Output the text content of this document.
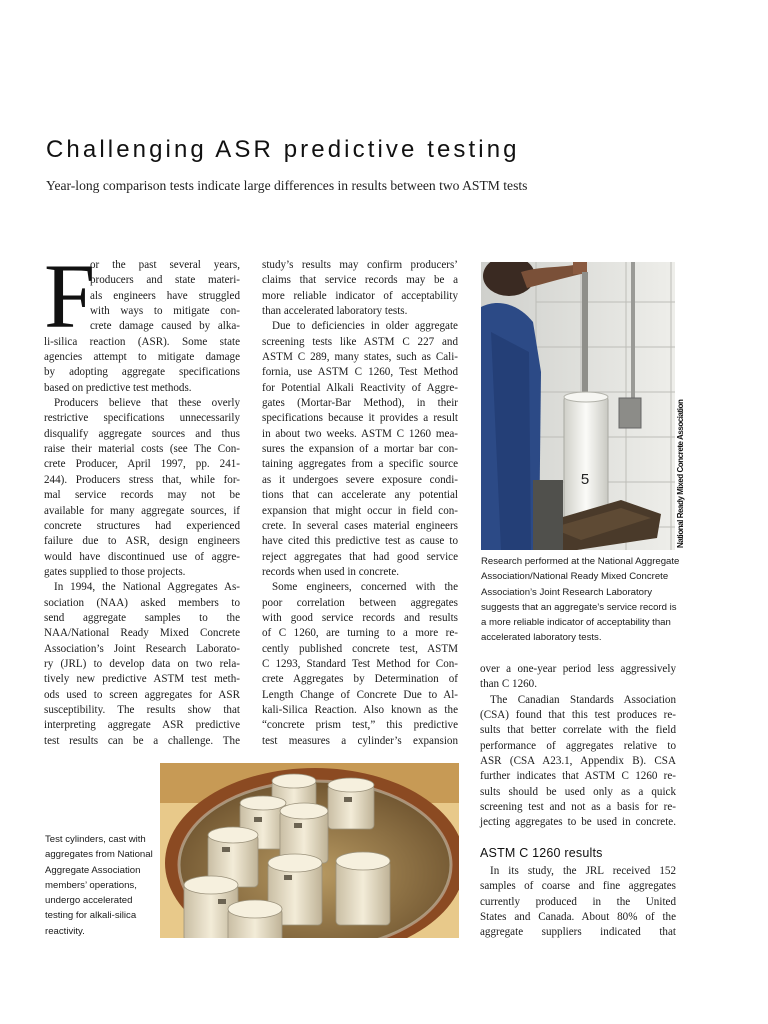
Challenging ASR predictive testing

Year-long comparison tests indicate large differences in results between two ASTM tests

F
or the past several years,
producers and state materi-
als engineers have struggled
with ways to mitigate con-
crete damage caused by alka-
li-silica reaction (ASR). Some state
agencies attempt to mitigate damage
by adopting aggregate specifications
based on predictive test methods.
Producers believe that these overly
restrictive specifications unnecessarily
disqualify aggregate sources and thus
raise their material costs (see The Con-
crete Producer, April 1997, pp. 241-
244). Producers stress that, while for-
mal service records may not be
available for many aggregate sources, if
concrete structures had experienced
failure due to ASR, design engineers
would have discontinued use of aggre-
gates supplied to those projects.
In 1994, the National Aggregates As-
sociation (NAA) asked members to
send aggregate samples to the
NAA/National Ready Mixed Concrete
Association’s Joint Research Laborato-
ry (JRL) to develop data on two rela-
tively new predictive ASTM test meth-
ods used to screen aggregates for ASR
susceptibility. The results show that
interpreting aggregate ASR predictive
test results can be a challenge. The
study’s results may confirm producers’
claims that service records may be a
more reliable indicator of acceptability
than accelerated laboratory tests.
Due to deficiencies in older aggregate
screening tests like ASTM C 227 and
ASTM C 289, many states, such as Cali-
fornia, use ASTM C 1260, Test Method
for Potential Alkali Reactivity of Aggre-
gates (Mortar-Bar Method), in their
specifications because it provides a result
in about two weeks. ASTM C 1260 mea-
sures the expansion of a mortar bar con-
taining aggregates from a specific source
as it undergoes severe exposure condi-
tions that can accelerate any potential
expansion that might occur in field con-
crete. In several cases material engineers
have cited this predictive test as cause to
reject aggregates that had good service
records when used in concrete.
Some engineers, concerned with the
poor correlation between aggregates
with good service records and results
of C 1260, are turning to a more re-
cently published concrete test, ASTM
C 1293, Standard Test Method for Con-
crete Aggregates by Determination of
Length Change of Concrete Due to Al-
kali-Silica Reaction. Also known as the
“concrete prism test,” this predictive
test measures a cylinder’s expansion
5	National Ready Mixed Concrete Association
Research performed at the National Aggregate
Association/National Ready Mixed Concrete
Association’s Joint Research Laboratory
suggests that an aggregate’s service record is
a more reliable indicator of acceptability than
accelerated laboratory tests.
over a one-year period less aggressively
than C 1260.
The Canadian Standards Association
(CSA) found that this test produces re-
sults that better correlate with the field
performance of aggregates relative to
ASR (CSA A23.1, Appendix B). CSA
further indicates that ASTM C 1260 re-
sults should be used only as a quick
screening test and not as a basis for re-
jecting aggregates to be used in concrete.
ASTM C 1260 results
In its study, the JRL received 152
samples of coarse and fine aggregates
currently produced in the United
States and Canada. About 80% of the
aggregate suppliers indicated that
Test cylinders, cast with
aggregates from National
Aggregate Association
members’ operations,
undergo accelerated
testing for alkali-silica
reactivity.
